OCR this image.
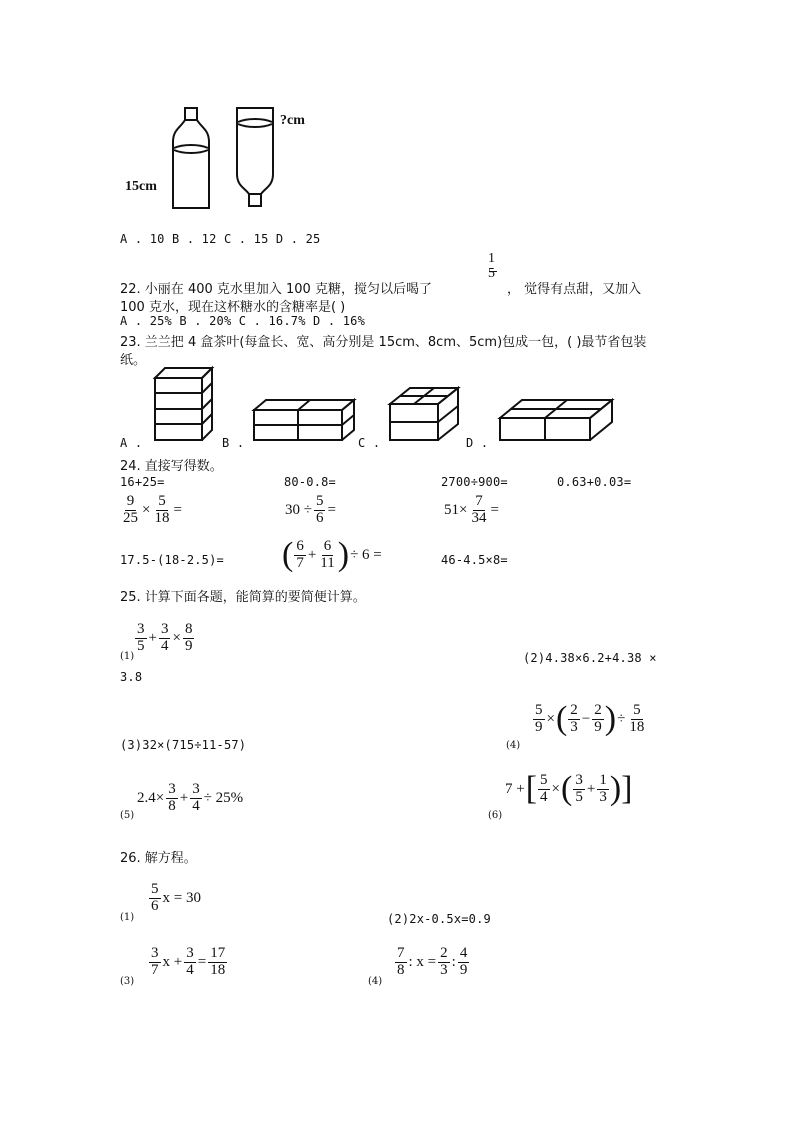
15cm
?cm
A . 10 B . 12 C . 15 D . 25
22. 小丽在 400 克水里加入 100 克糖，搅匀以后喝了
1
5
， 觉得有点甜，又加入
100 克水，现在这杯糖水的含糖率是( )
A . 25% B . 20% C . 16.7% D . 16%
23. 兰兰把 4 盒茶叶(每盒长、宽、高分别是 15cm、8cm、5cm)包成一包，( )最节省包装
纸。
A .	B .	C .	D .
24. 直接写得数。
16+25=	80-0.8=	2700÷900=	0.63+0.03=
$\frac{9}{25} \times \frac{5}{18}$ =	$30 \div \frac{5}{6}$ =	$51\times \frac{7}{34}$ =
17.5-(18-2.5)= ( $\frac{6}{7} + \frac{6}{11}$ )÷ 6 =	46-4.5×8=
25. 计算下面各题，能简算的要简便计算。
(1)
$\frac{3}{5} + \frac{3}{4} \times \frac{8}{9}$
(2)4.38×6.2+4.38 ×
3.8
(3)32×(715÷11-57)	(4)
$\frac{5}{9}$ ×( $\frac{2}{3} - \frac{2}{9}$ )÷ $\frac{5}{18}$
(5)
$2.4\times \frac{3}{8} + \frac{3}{4} \div 25\%$
(6)
7 +[ $\frac{5}{4}$ ×( $\frac{3}{5} + \frac{1}{3}$ )]
26. 解方程。
(1)
$\frac{5}{6}$ x = 30
(2)2x-0.5x=0.9
(3)
$\frac{3}{7}$ $x + \frac{3}{4} = \frac{17}{18}$
(4)
$\frac{7}{8}$ : $x = \frac{2}{3}$ : $\frac{4}{9}$
